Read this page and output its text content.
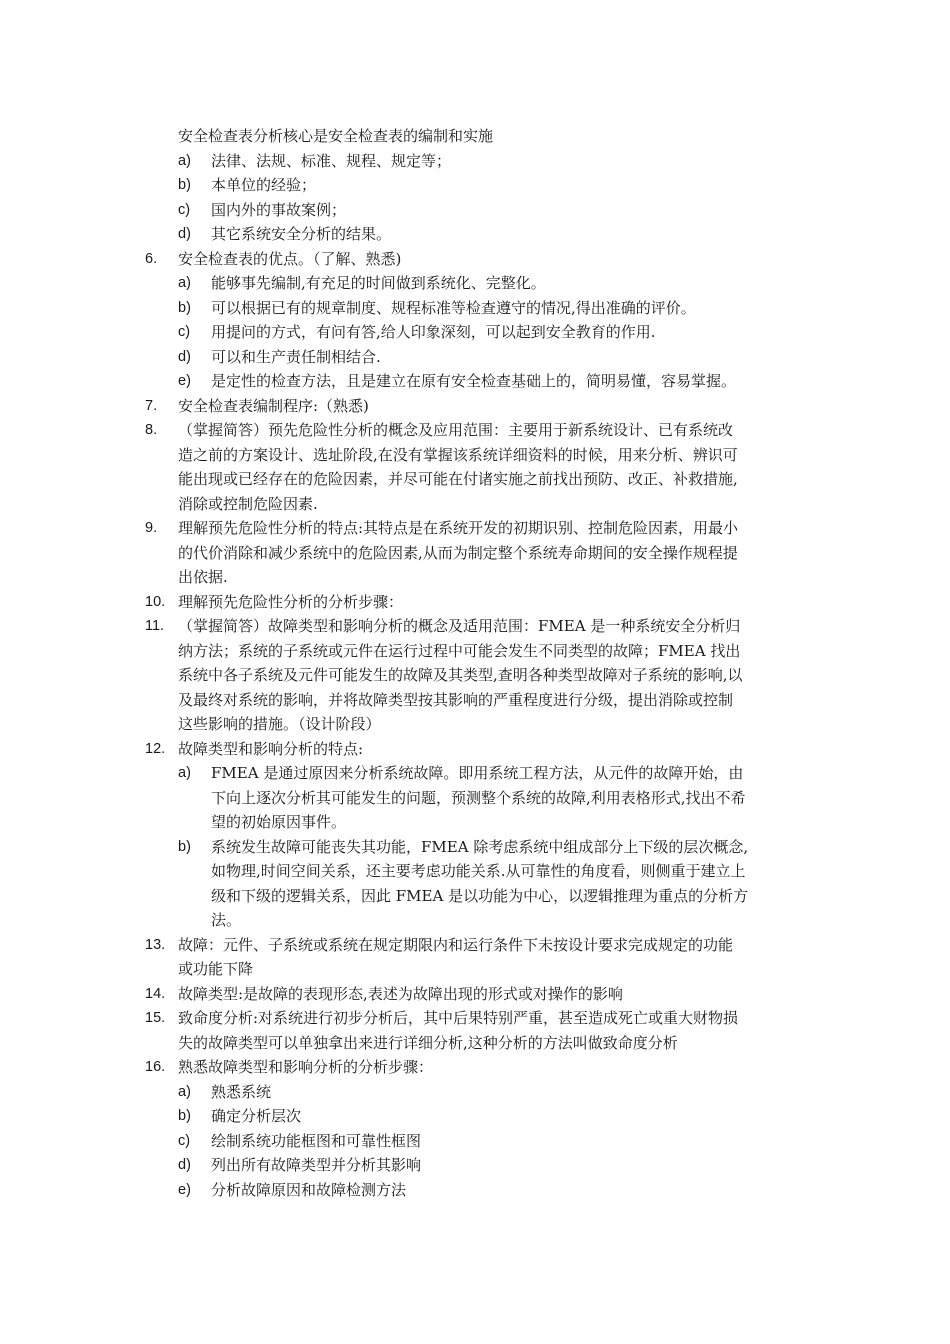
安全检查表分析核心是安全检查表的编制和实施
a)	法律、法规、标准、规程、规定等；
b)	本单位的经验；
c)	国内外的事故案例；
d)	其它系统安全分析的结果。
6.	安全检查表的优点。（了解、熟悉)
a)	能够事先编制,有充足的时间做到系统化、完整化。
b)	可以根据已有的规章制度、规程标准等检查遵守的情况,得出准确的评价。
c)	用提问的方式，有问有答,给人印象深刻，可以起到安全教育的作用.
d)	可以和生产责任制相结合.
e)	是定性的检查方法，且是建立在原有安全检查基础上的，简明易懂，容易掌握。
7.	安全检查表编制程序:（熟悉)
8.	（掌握简答）预先危险性分析的概念及应用范围：主要用于新系统设计、已有系统改
造之前的方案设计、选址阶段,在没有掌握该系统详细资料的时候，用来分析、辨识可
能出现或已经存在的危险因素，并尽可能在付诸实施之前找出预防、改正、补救措施,
消除或控制危险因素.
9.	理解预先危险性分析的特点:其特点是在系统开发的初期识别、控制危险因素，用最小
的代价消除和减少系统中的危险因素,从而为制定整个系统寿命期间的安全操作规程提
出依据.
10. 理解预先危险性分析的分析步骤：
11. （掌握简答）故障类型和影响分析的概念及适用范围：FMEA 是一种系统安全分析归
纳方法；系统的子系统或元件在运行过程中可能会发生不同类型的故障；FMEA 找出
系统中各子系统及元件可能发生的故障及其类型,查明各种类型故障对子系统的影响,以
及最终对系统的影响，并将故障类型按其影响的严重程度进行分级，提出消除或控制
这些影响的措施。（设计阶段）
12. 故障类型和影响分析的特点:
a)	FMEA 是通过原因来分析系统故障。即用系统工程方法，从元件的故障开始，由
下向上逐次分析其可能发生的问题，预测整个系统的故障,利用表格形式,找出不希
望的初始原因事件。
b)	系统发生故障可能丧失其功能，FMEA 除考虑系统中组成部分上下级的层次概念,
如物理,时间空间关系，还主要考虑功能关系.从可靠性的角度看，则侧重于建立上
级和下级的逻辑关系，因此 FMEA 是以功能为中心，以逻辑推理为重点的分析方
法。
13. 故障：元件、子系统或系统在规定期限内和运行条件下未按设计要求完成规定的功能
或功能下降
14. 故障类型:是故障的表现形态,表述为故障出现的形式或对操作的影响
15. 致命度分析:对系统进行初步分析后，其中后果特别严重，甚至造成死亡或重大财物损
失的故障类型可以单独拿出来进行详细分析,这种分析的方法叫做致命度分析
16. 熟悉故障类型和影响分析的分析步骤：
a)	熟悉系统
b)	确定分析层次
c)	绘制系统功能框图和可靠性框图
d)	列出所有故障类型并分析其影响
e)	分析故障原因和故障检测方法
